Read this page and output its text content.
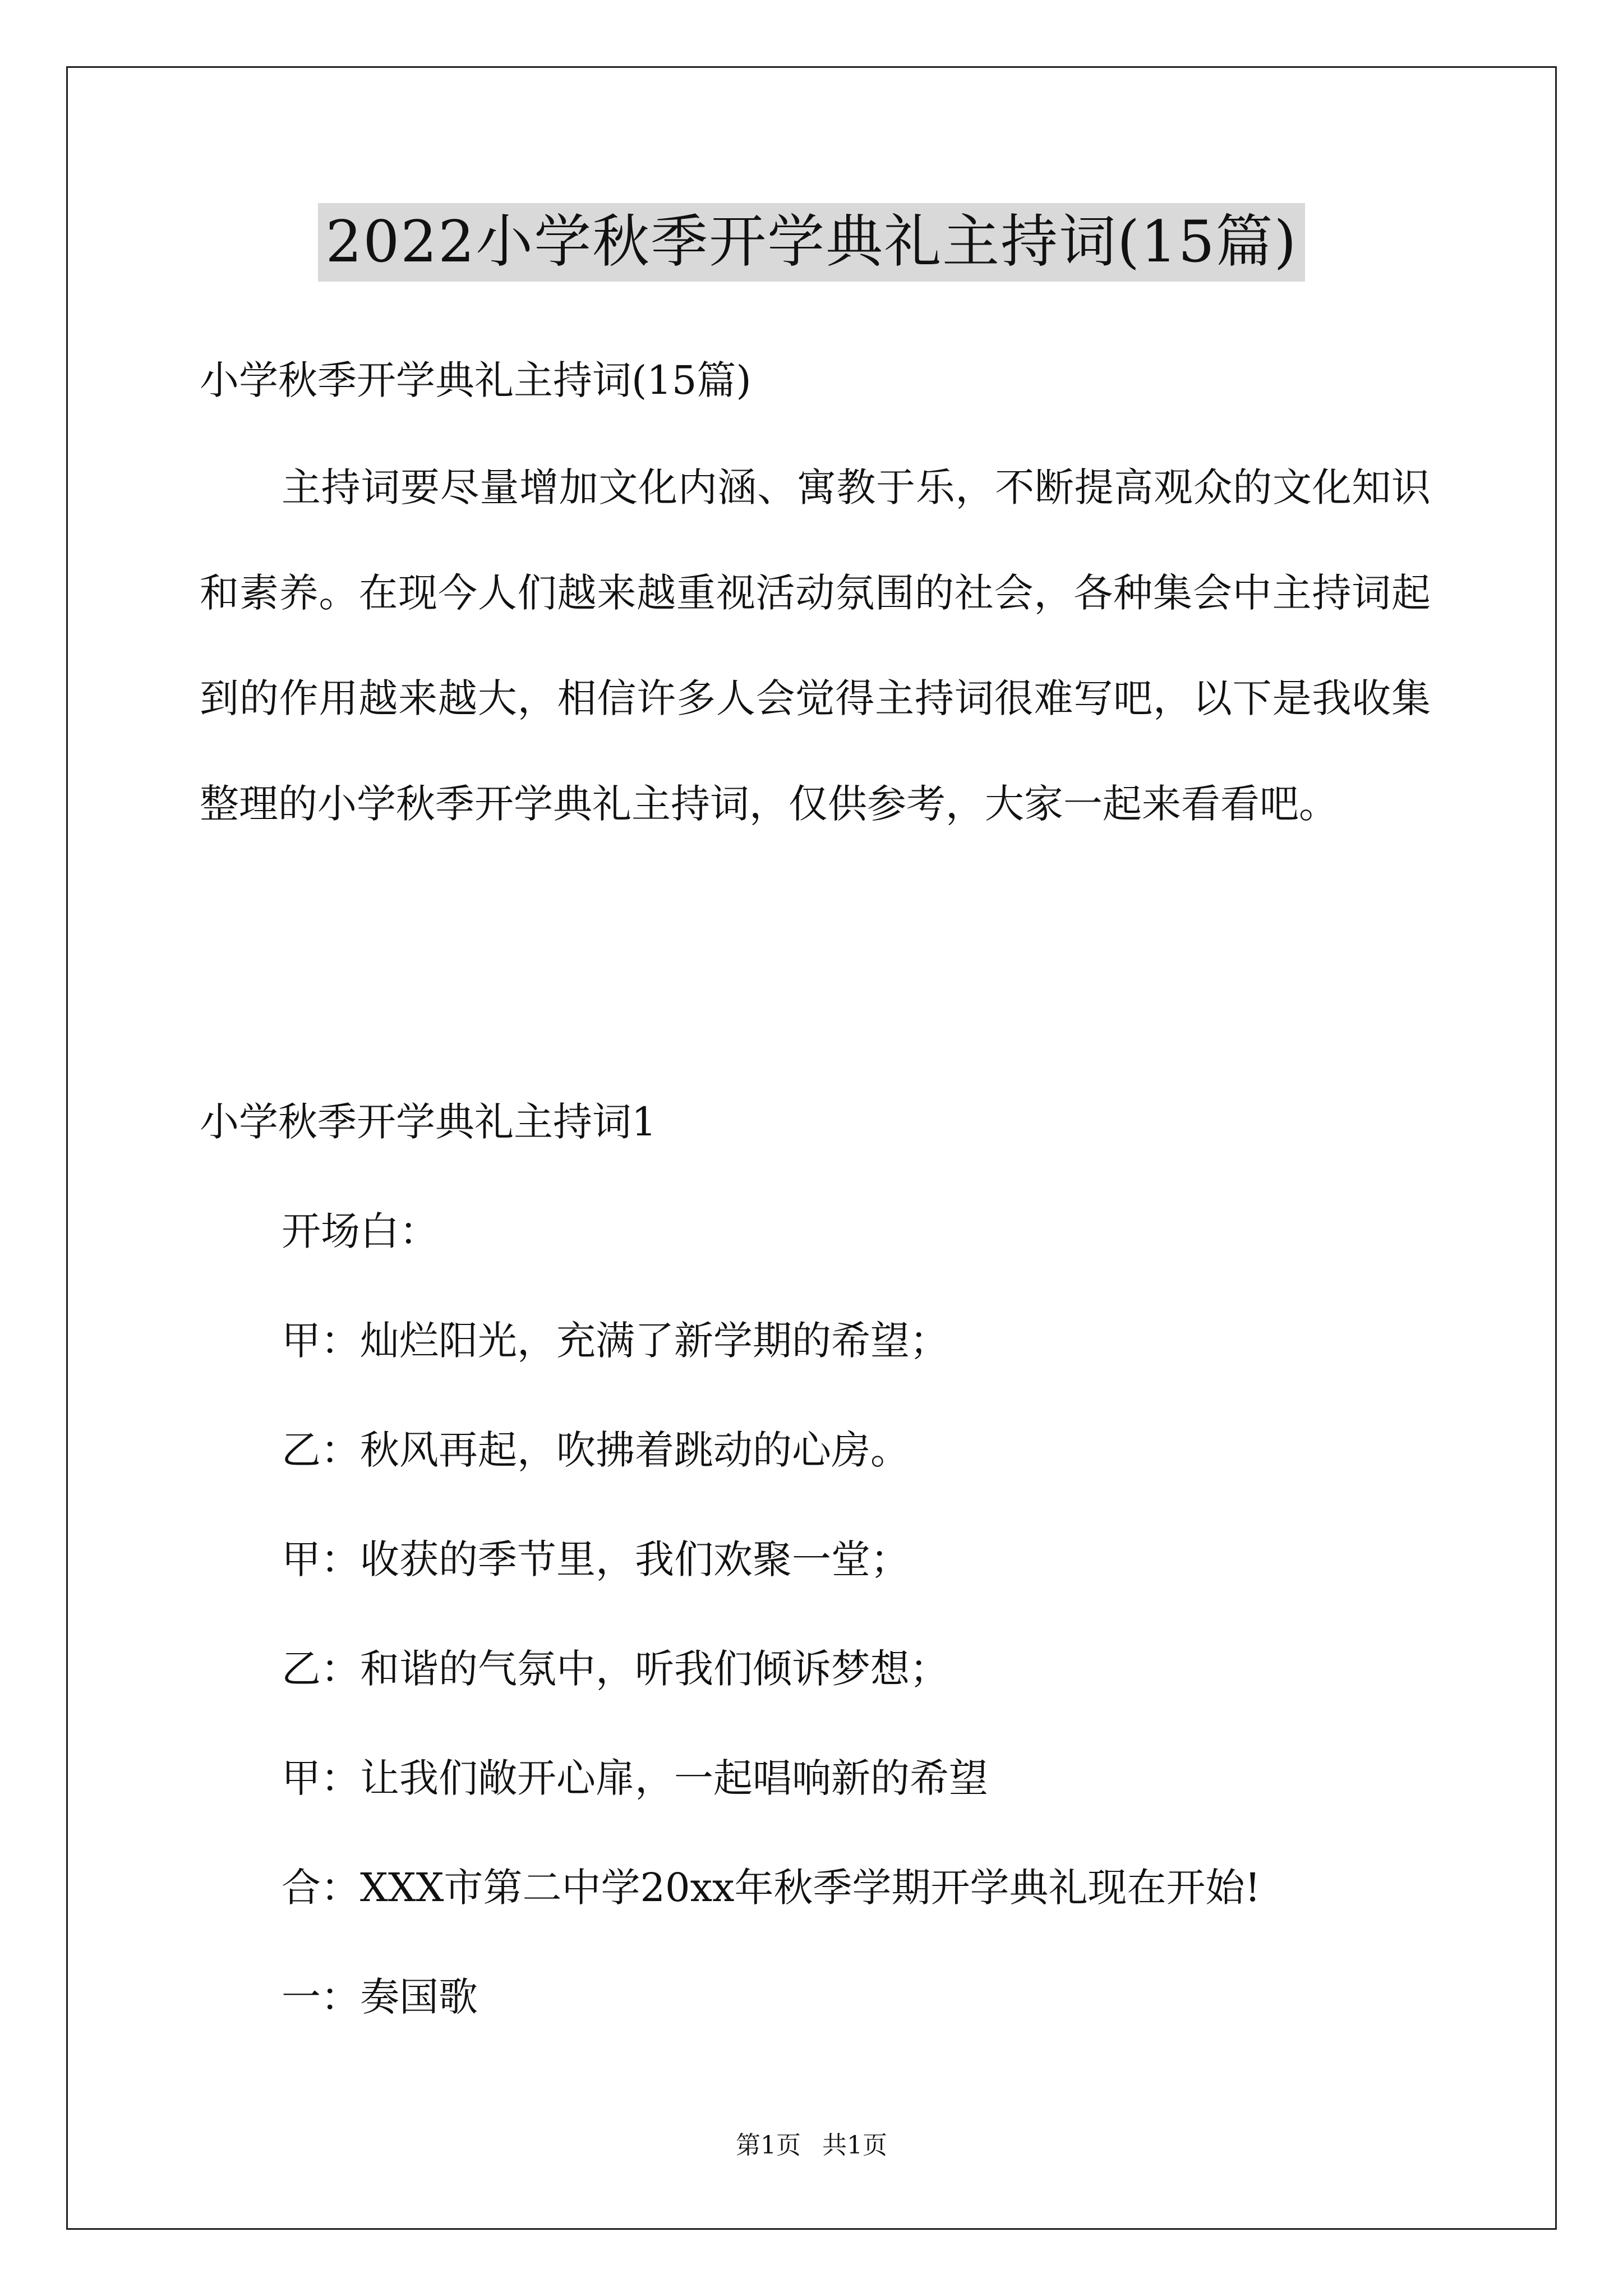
2022小学秋季开学典礼主持词(15篇)
小学秋季开学典礼主持词(15篇)
主持词要尽量增加文化内涵、寓教于乐，不断提高观众的文化知识和素养。在现今人们越来越重视活动氛围的社会，各种集会中主持词起到的作用越来越大，相信许多人会觉得主持词很难写吧，以下是我收集整理的小学秋季开学典礼主持词，仅供参考，大家一起来看看吧。
小学秋季开学典礼主持词1
开场白：
甲：灿烂阳光，充满了新学期的希望；
乙：秋风再起，吹拂着跳动的心房。
甲：收获的季节里，我们欢聚一堂；
乙：和谐的气氛中，听我们倾诉梦想；
甲：让我们敞开心扉，一起唱响新的希望
合：XXX市第二中学20xx年秋季学期开学典礼现在开始!
一：奏国歌
第1页 共1页
